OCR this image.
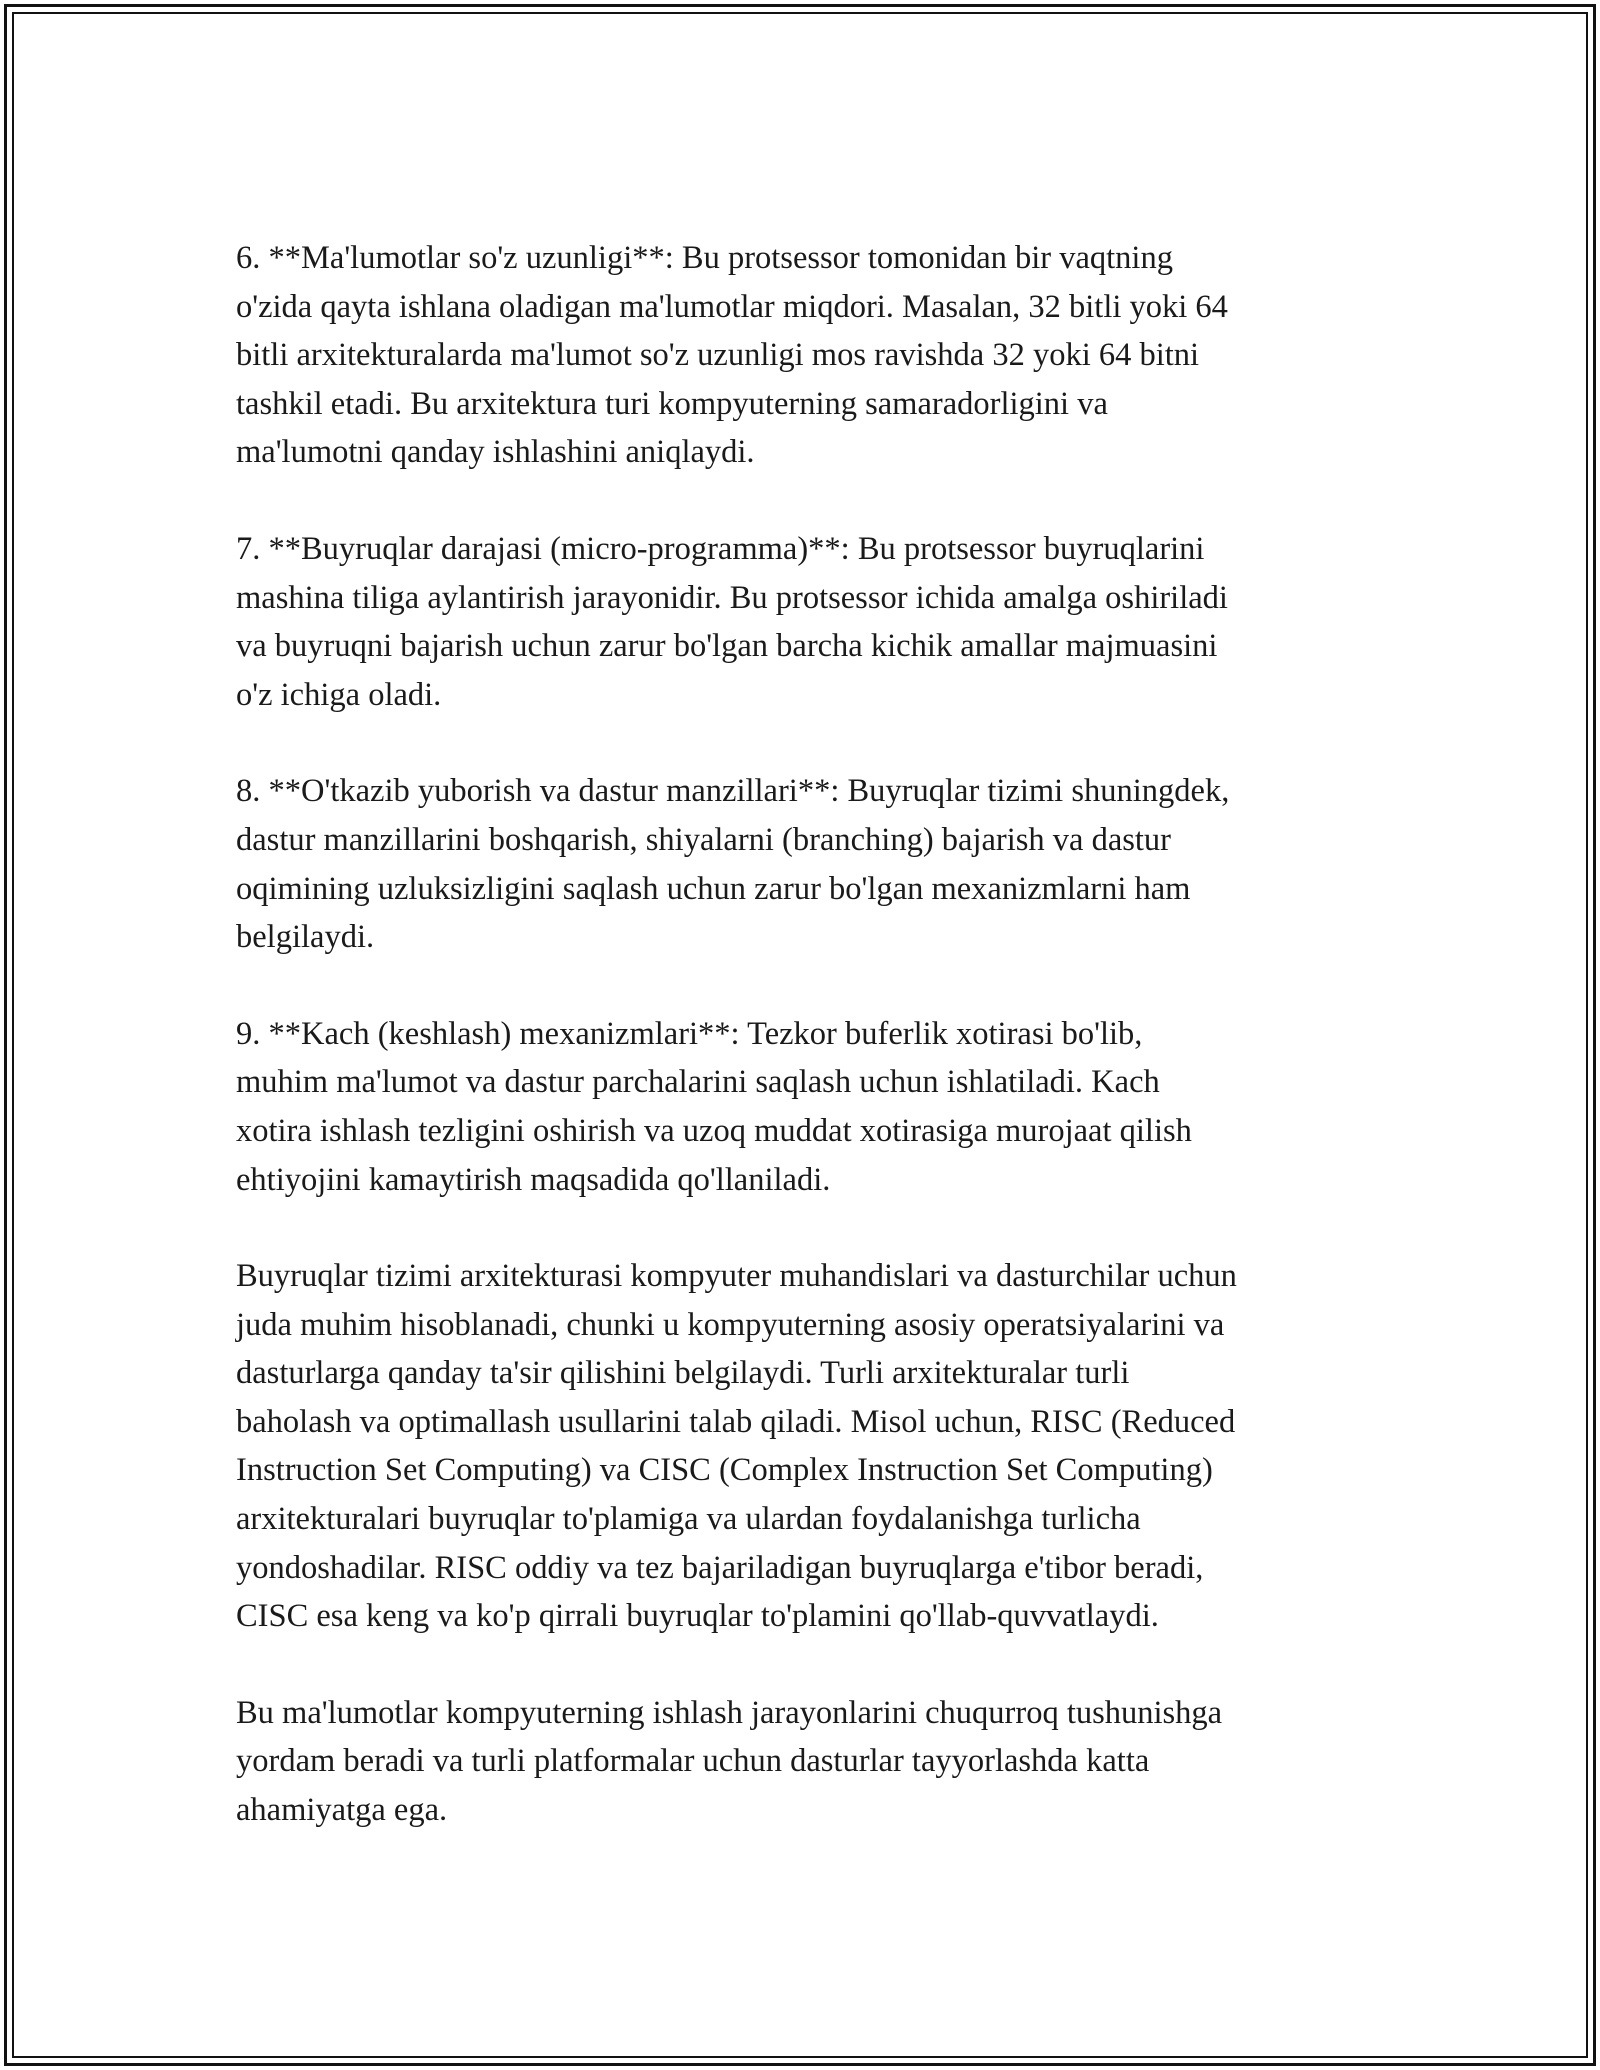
6. **Ma'lumotlar so'z uzunligi**: Bu protsessor tomonidan bir vaqtning
o'zida qayta ishlana oladigan ma'lumotlar miqdori. Masalan, 32 bitli yoki 64
bitli arxitekturalarda ma'lumot so'z uzunligi mos ravishda 32 yoki 64 bitni
tashkil etadi. Bu arxitektura turi kompyuterning samaradorligini va
ma'lumotni qanday ishlashini aniqlaydi.

7. **Buyruqlar darajasi (micro-programma)**: Bu protsessor buyruqlarini
mashina tiliga aylantirish jarayonidir. Bu protsessor ichida amalga oshiriladi
va buyruqni bajarish uchun zarur bo'lgan barcha kichik amallar majmuasini
o'z ichiga oladi.

8. **O'tkazib yuborish va dastur manzillari**: Buyruqlar tizimi shuningdek,
dastur manzillarini boshqarish, shiyalarni (branching) bajarish va dastur
oqimining uzluksizligini saqlash uchun zarur bo'lgan mexanizmlarni ham
belgilaydi.

9. **Kach (keshlash) mexanizmlari**: Tezkor buferlik xotirasi bo'lib,
muhim ma'lumot va dastur parchalarini saqlash uchun ishlatiladi. Kach
xotira ishlash tezligini oshirish va uzoq muddat xotirasiga murojaat qilish
ehtiyojini kamaytirish maqsadida qo'llaniladi.

Buyruqlar tizimi arxitekturasi kompyuter muhandislari va dasturchilar uchun
juda muhim hisoblanadi, chunki u kompyuterning asosiy operatsiyalarini va
dasturlarga qanday ta'sir qilishini belgilaydi. Turli arxitekturalar turli
baholash va optimallash usullarini talab qiladi. Misol uchun, RISC (Reduced
Instruction Set Computing) va CISC (Complex Instruction Set Computing)
arxitekturalari buyruqlar to'plamiga va ulardan foydalanishga turlicha
yondoshadilar. RISC oddiy va tez bajariladigan buyruqlarga e'tibor beradi,
CISC esa keng va ko'p qirrali buyruqlar to'plamini qo'llab-quvvatlaydi.

Bu ma'lumotlar kompyuterning ishlash jarayonlarini chuqurroq tushunishga
yordam beradi va turli platformalar uchun dasturlar tayyorlashda katta
ahamiyatga ega.
